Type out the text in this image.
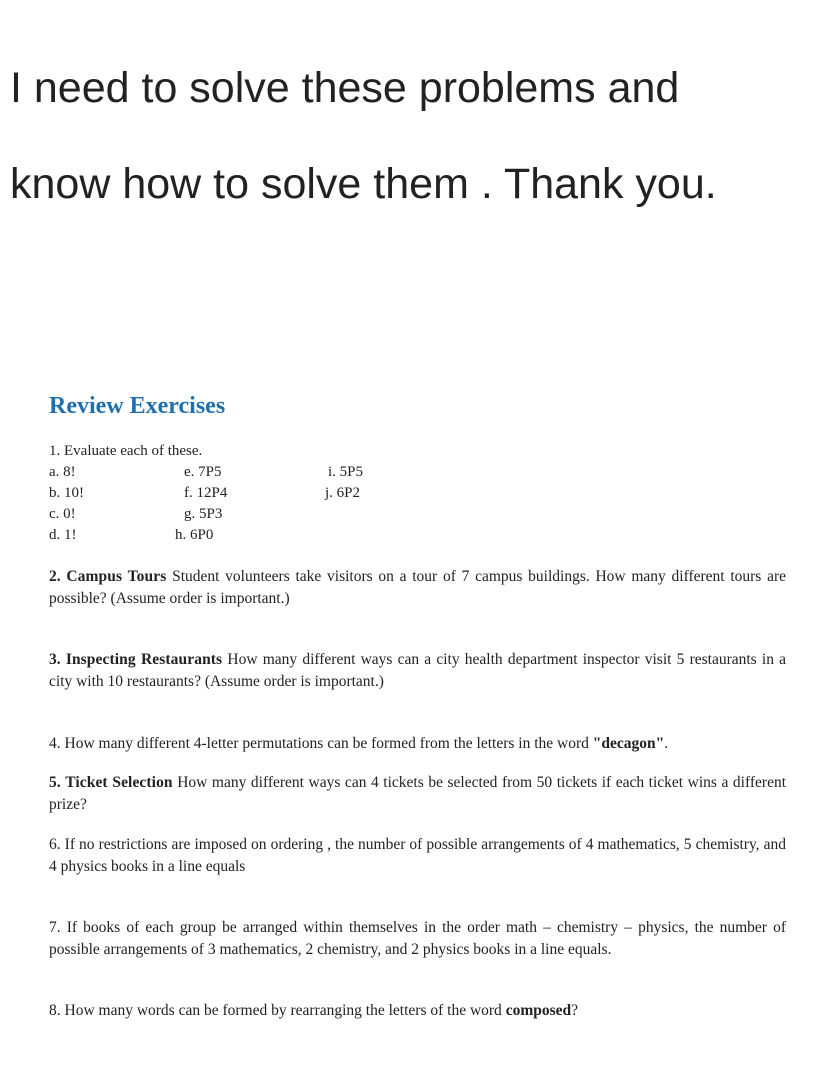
I need to solve these problems and
know how to solve them . Thank you.
Review Exercises
1. Evaluate each of these.
a. 8!
b. 10!
c. 0!
d. 1!
e. 7P5
f. 12P4
g. 5P3
h. 6P0
i. 5P5
j. 6P2
2. Campus Tours Student volunteers take visitors on a tour of 7 campus buildings. How many different tours are possible? (Assume order is important.)
3. Inspecting Restaurants How many different ways can a city health department inspector visit 5 restaurants in a city with 10 restaurants? (Assume order is important.)
4. How many different 4-letter permutations can be formed from the letters in the word "decagon".
5. Ticket Selection How many different ways can 4 tickets be selected from 50 tickets if each ticket wins a different prize?
6. If no restrictions are imposed on ordering , the number of possible arrangements of 4 mathematics, 5 chemistry, and 4 physics books in a line equals
7. If books of each group be arranged within themselves in the order math – chemistry – physics, the number of possible arrangements of 3 mathematics, 2 chemistry, and 2 physics books in a line equals.
8. How many words can be formed by rearranging the letters of the word composed?
